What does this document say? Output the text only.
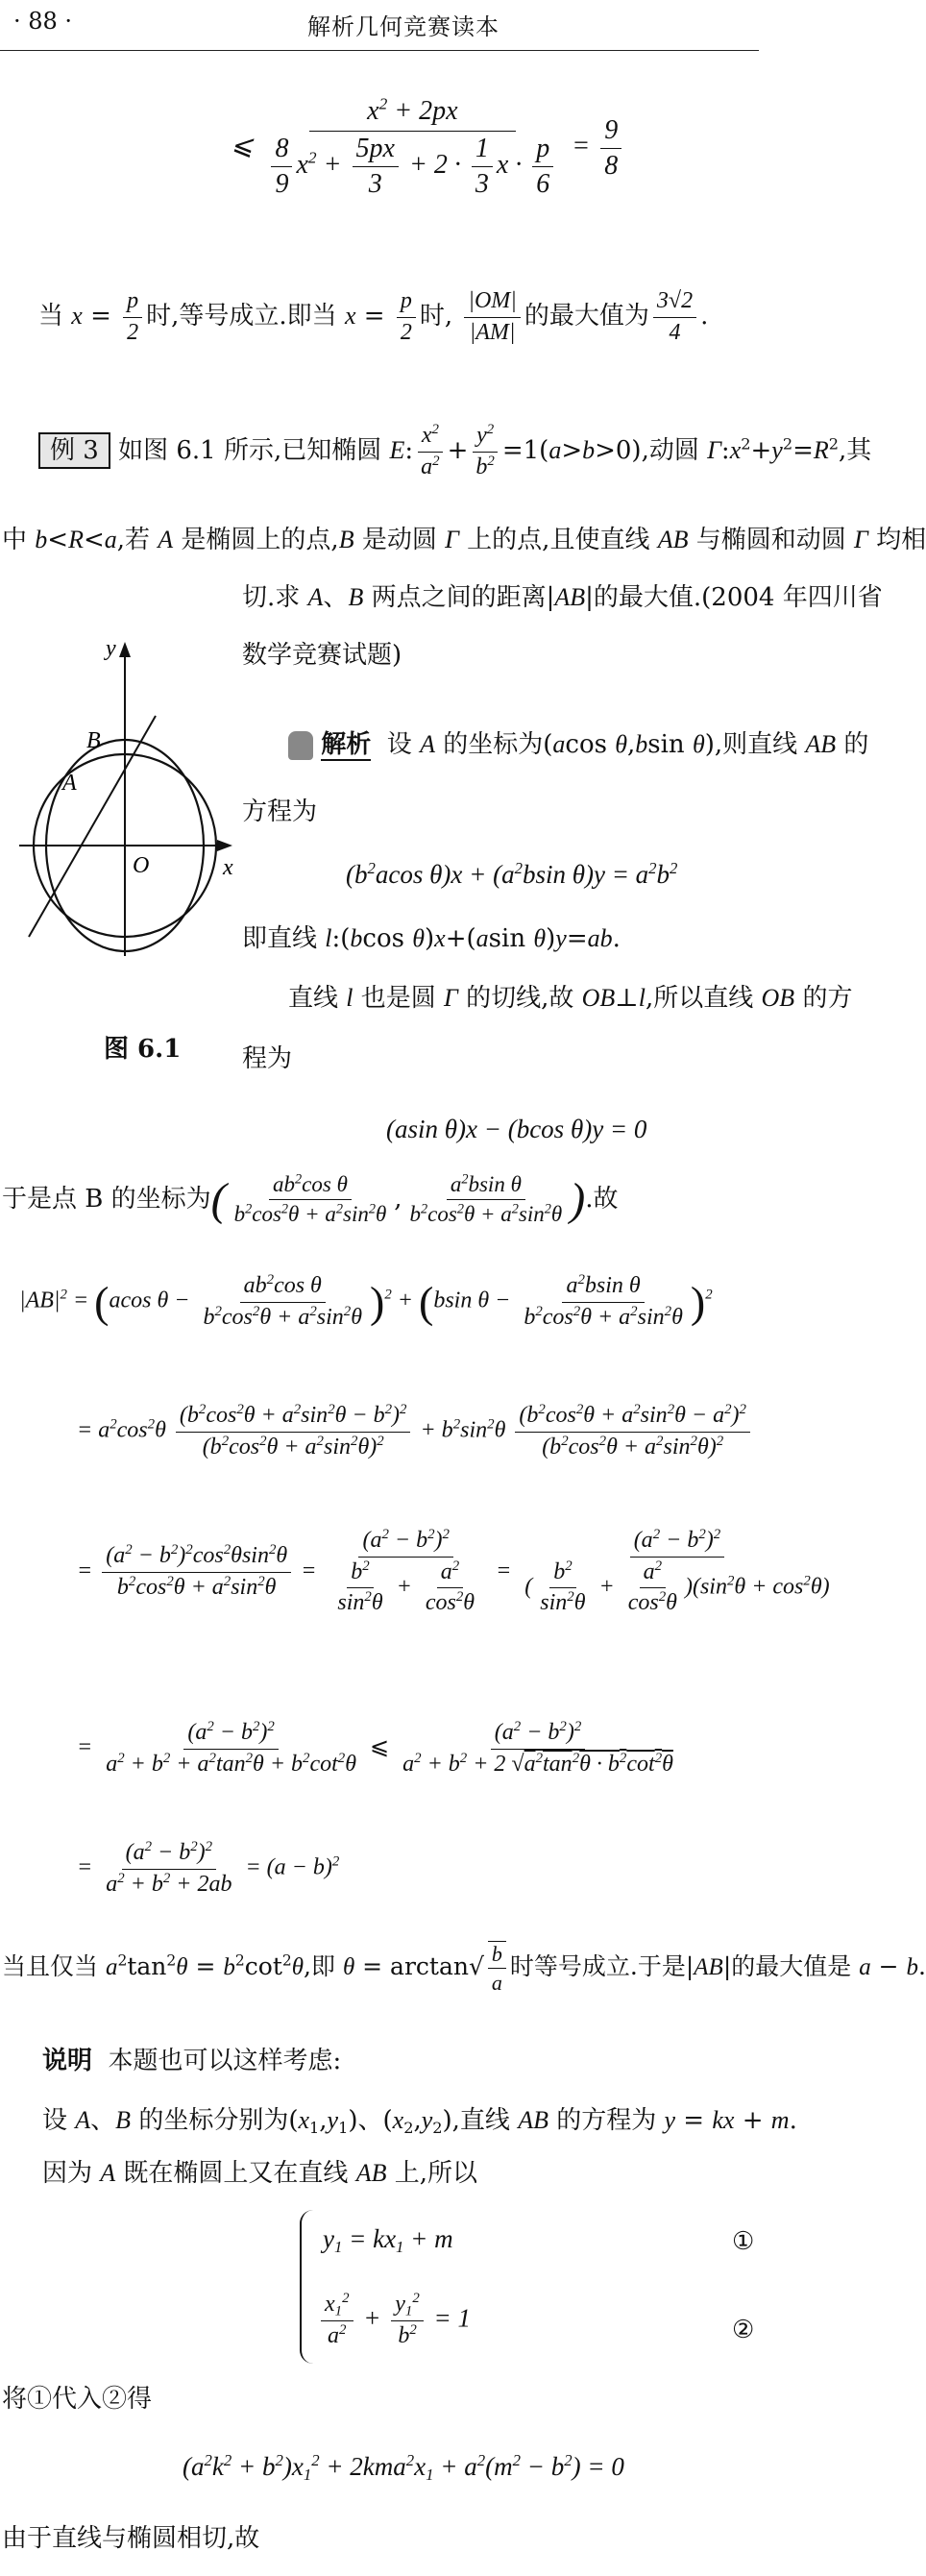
· 88 ·	解析几何竞赛读本
⩽ $\frac{x^2 + 2px}{\frac{8}{9} x^2 + \frac{5px}{3} + 2 \cdot \frac{1}{3} x \cdot \frac{p}{6}} = \frac{9}{8}$
当 $x = \frac{p}{2}$ 时,等号成立.即当 $x = \frac{p}{2}$ 时, $\frac{|OM|}{|AM|}$ 的最大值为 $\frac{3√2}{4}$ .
例 3 如图 6.1 所示,已知椭圆 E: $\frac{x^2}{a^2} + \frac{y^2}{b^2} =1(a>b>0)$,动圆 $\Gamma:x^2+y^2=R^2$,其
中 b<R<a,若 A 是椭圆上的点,B 是动圆 Γ 上的点,且使直线 AB 与椭圆和动圆 Γ 均相
切.求 A、B 两点之间的距离|AB|的最大值.(2004 年四川省
数学竞赛试题)
y
x
O
A
B
图 6.1
解析  设 A 的坐标为(acos θ,bsin θ),则直线 AB 的
方程为
($b^2acos$ $\theta)x + (a^2bsin$ $\theta)y = a^2b^2$
即直线 l:(bcos θ)x+(asin θ)y=ab.
直线 l 也是圆 Γ 的切线,故 OB⊥l,所以直线 OB 的方
程为
(asin θ)x − (bcos θ)y = 0
于是点 B 的坐标为( $\frac{ab^2\cos \theta}{b^2\cos^2\theta + a^2\sin^2\theta}$ , $\frac{a^2bsin \theta}{b^2\cos^2\theta + a^2\sin^2\theta}$ ).故
$|AB|^2 = (acos$ $\theta - \frac{ab^2\cos \theta}{b^2\cos^2\theta + a^2\sin^2\theta} )^2 + (bsin$ $\theta - \frac{a^2bsin \theta}{b^2\cos^2\theta + a^2\sin^2\theta} )^2$
= $a^2\cos^2\theta \frac{(b^2\cos^2\theta + a^2\sin^2\theta - b^2)^2}{(b^2\cos^2\theta + a^2\sin^2\theta)^2} + b^2\sin^2\theta \frac{(b^2\cos^2\theta + a^2\sin^2\theta - a^2)^2}{(b^2\cos^2\theta + a^2\sin^2\theta)^2}$
= $\frac{(a^2 - b^2)^2\cos^2\theta\sin^2\theta}{b^2\cos^2\theta + a^2\sin^2\theta} = \frac{(a^2 - b^2)^2}{\frac{b^2}{\sin^2\theta} + \frac{a^2}{\cos^2\theta}} = \frac{(a^2 - b^2)^2}{( \frac{b^2}{\sin^2\theta} + \frac{a^2}{\cos^2\theta} )(\sin^2\theta + \cos^2\theta)}$
= $\frac{(a^2 - b^2)^2}{a^2 + b^2 + a^2\tan^2\theta + b^2\cot^2\theta}$ ⩽ $\frac{(a^2 - b^2)^2}{a^2 + b^2 + 2 √a^2\tan^2\theta \cdot b^2\cot^2\theta}$
= $\frac{(a^2 - b^2)^2}{a^2 + b^2 + 2ab} = (a - b)^2$
当且仅当 $a^2\tan^2\theta = b^2\cot^2\theta$,即 $\theta = \arctan√ \frac{b}{a}$ 时等号成立.于是|AB|的最大值是 a − b.
说明 本题也可以这样考虑:
设 A、B 的坐标分别为$(x_1,y_1)$、$(x_2,y_2)$,直线 AB 的方程为 y = kx + m.
因为 A 既在椭圆上又在直线 AB 上,所以
$y_1 = kx_1 + m$
$\frac{x_1^2}{a^2} + \frac{y_1^2}{b^2} = 1$
①
②
将①代入②得
$(a^2k^2 + b^2)x_1^2 + 2kma^2x_1 + a^2(m^2 - b^2) = 0$
由于直线与椭圆相切,故
